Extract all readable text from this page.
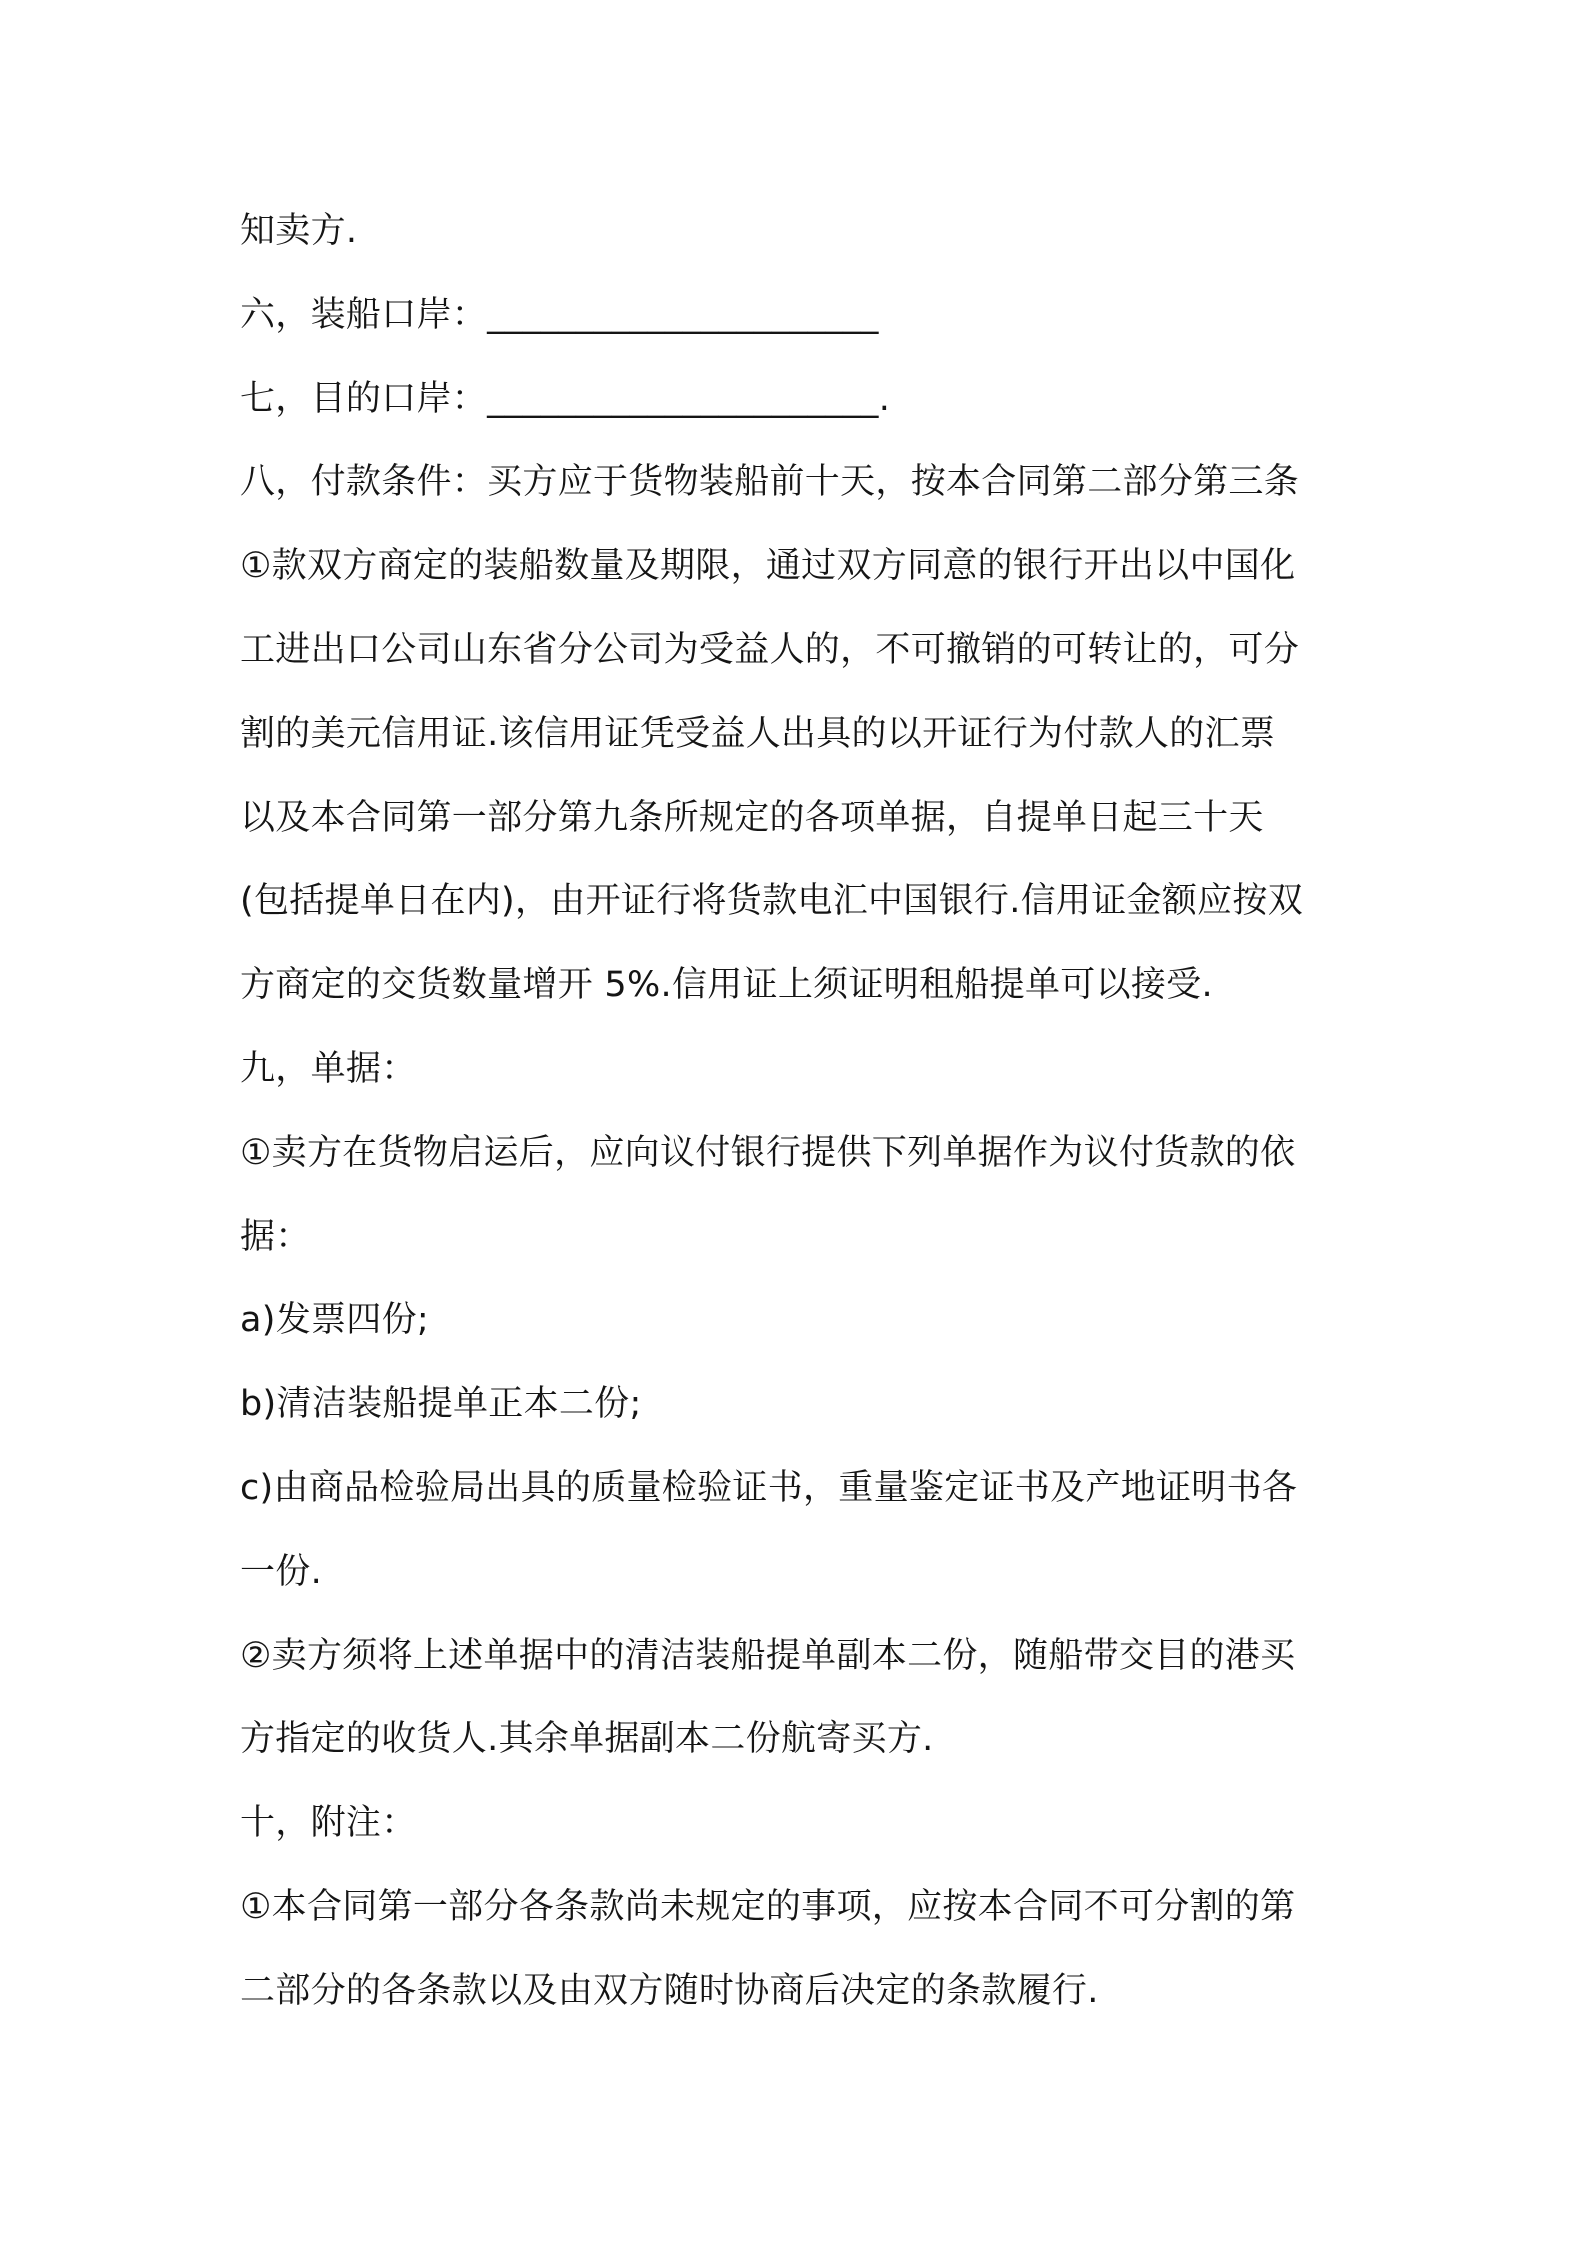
知卖方.
六，装船口岸：______________________
七，目的口岸：______________________.
八，付款条件：买方应于货物装船前十天，按本合同第二部分第三条
①款双方商定的装船数量及期限，通过双方同意的银行开出以中国化
工进出口公司山东省分公司为受益人的，不可撤销的可转让的，可分
割的美元信用证.该信用证凭受益人出具的以开证行为付款人的汇票
以及本合同第一部分第九条所规定的各项单据，自提单日起三十天
(包括提单日在内)，由开证行将货款电汇中国银行.信用证金额应按双
方商定的交货数量增开 5%.信用证上须证明租船提单可以接受.
九，单据：
①卖方在货物启运后，应向议付银行提供下列单据作为议付货款的依
据：
a)发票四份;
b)清洁装船提单正本二份;
c)由商品检验局出具的质量检验证书，重量鉴定证书及产地证明书各
一份.
②卖方须将上述单据中的清洁装船提单副本二份，随船带交目的港买
方指定的收货人.其余单据副本二份航寄买方.
十，附注：
①本合同第一部分各条款尚未规定的事项，应按本合同不可分割的第
二部分的各条款以及由双方随时协商后决定的条款履行.
